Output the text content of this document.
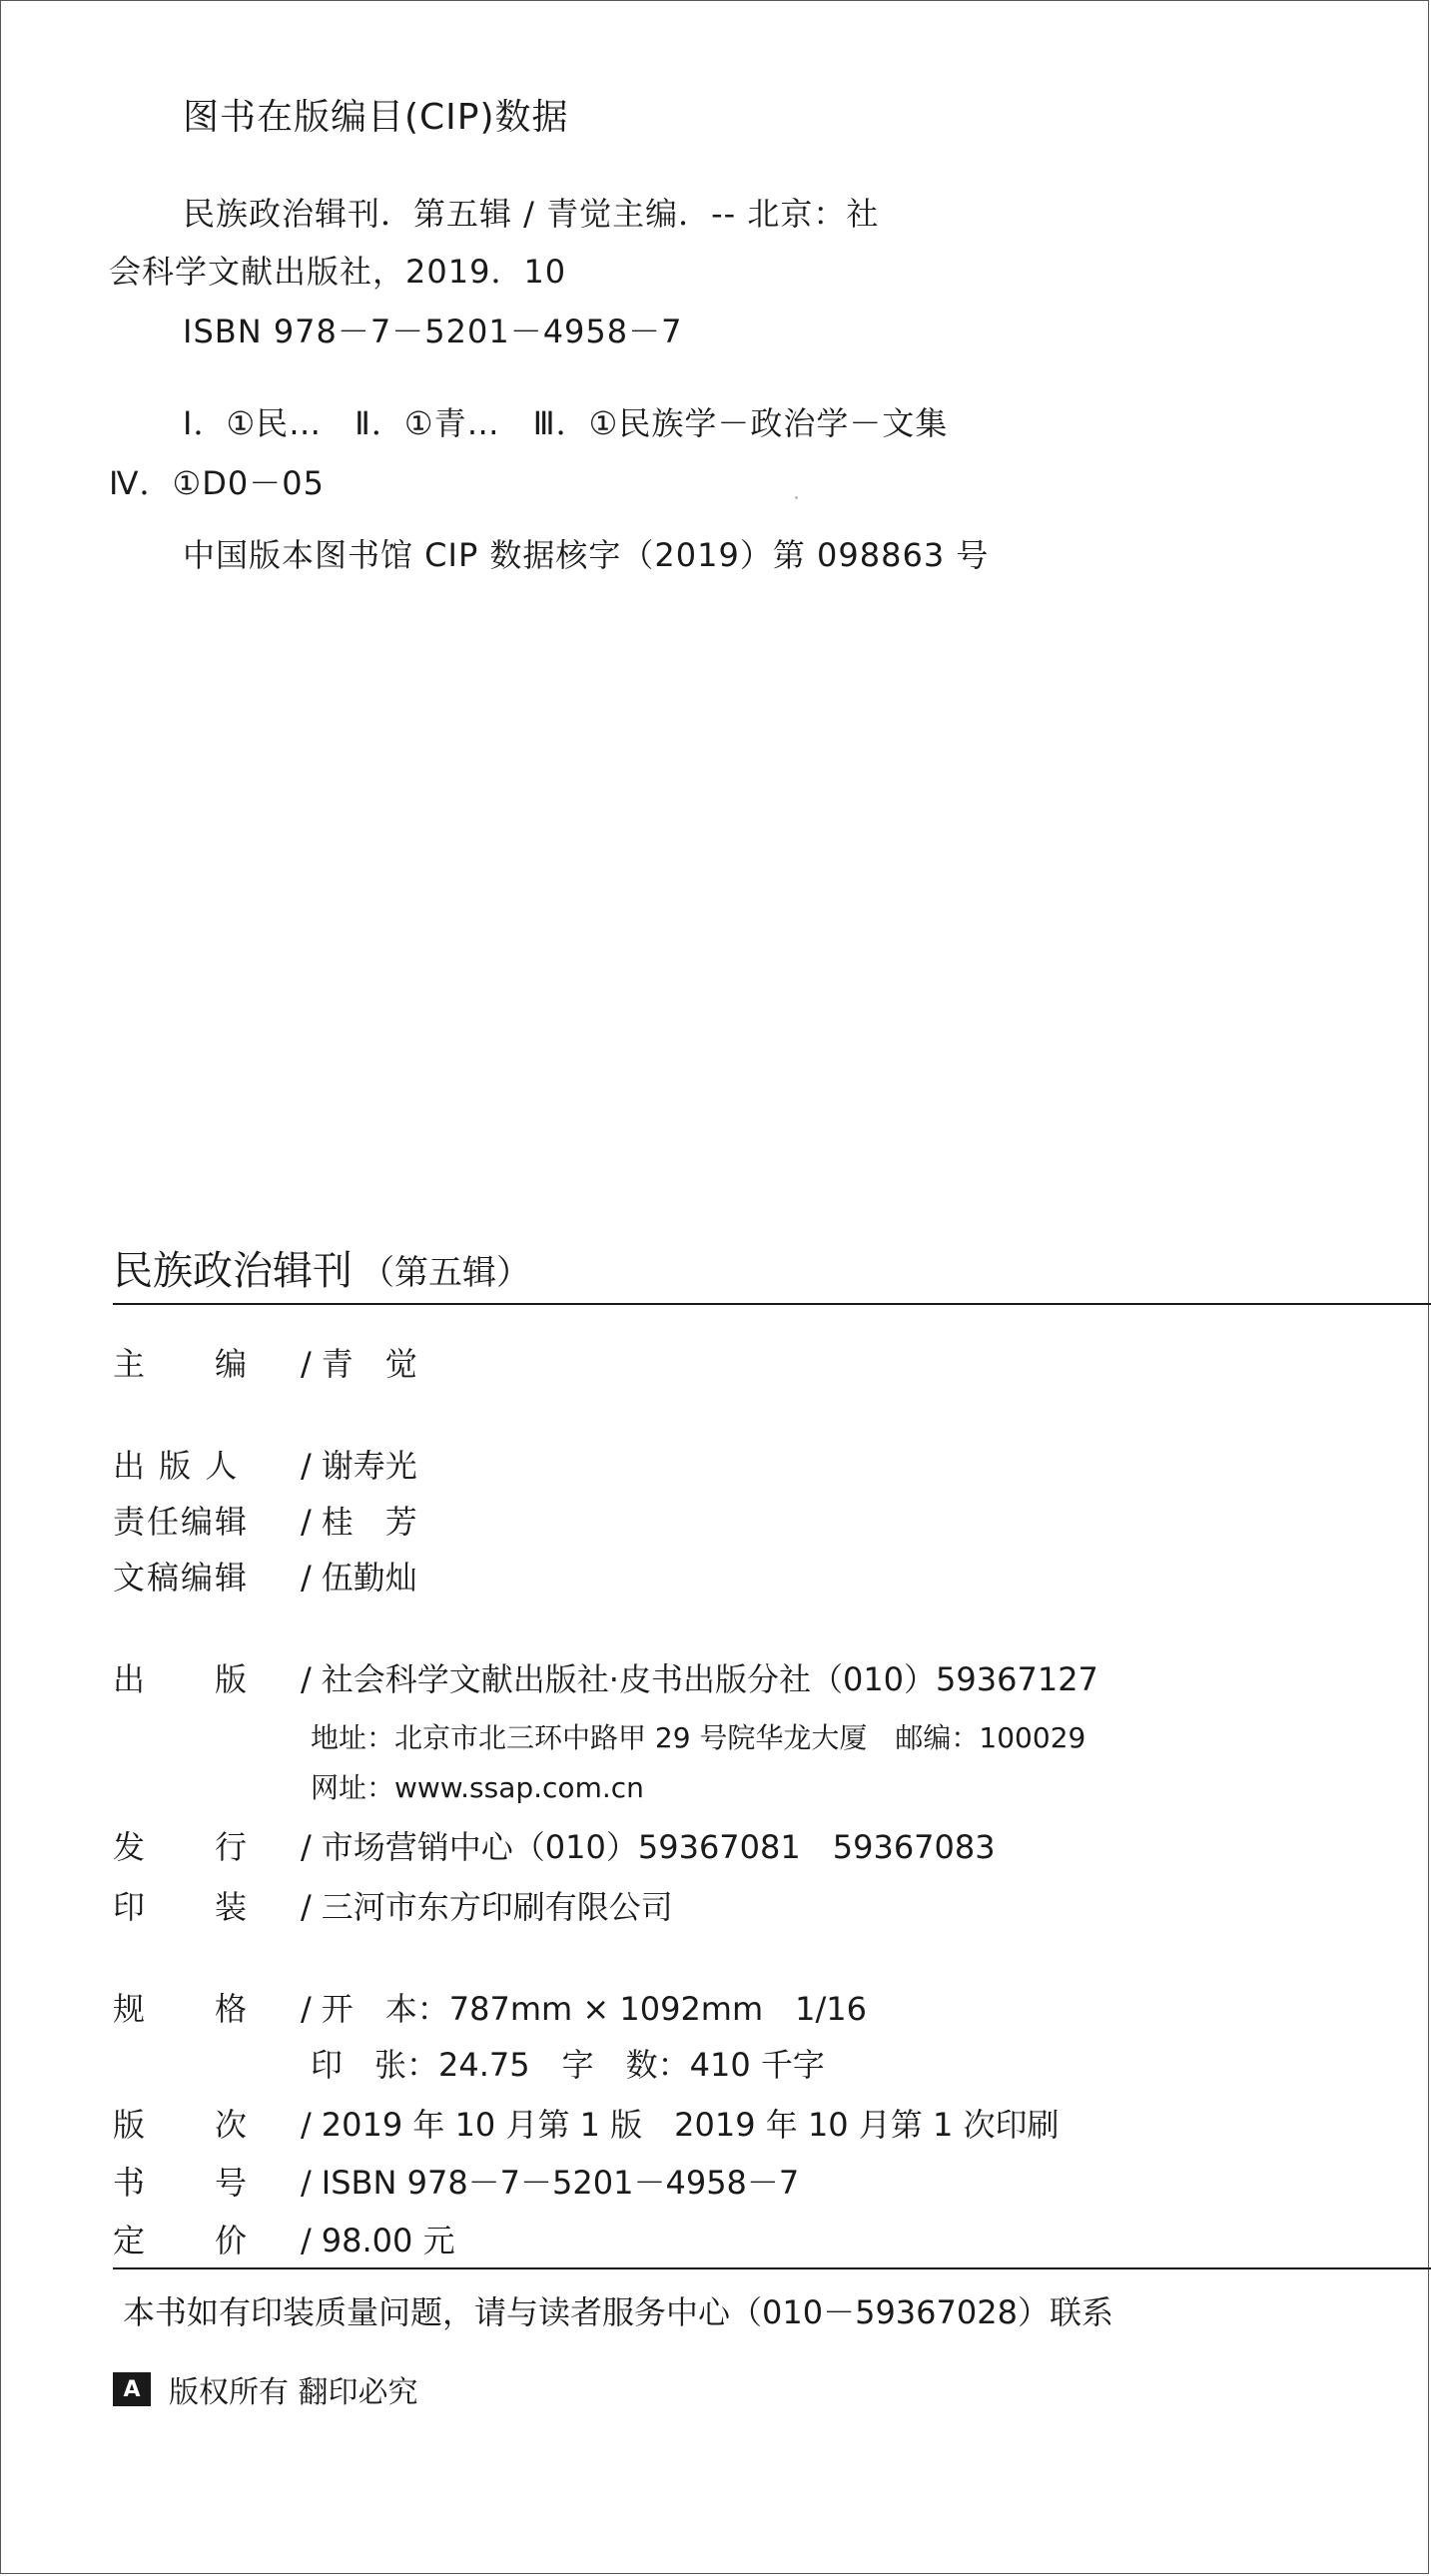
图书在版编目(CIP)数据
民族政治辑刊．第五辑 / 青觉主编．-- 北京：社
会科学文献出版社，2019．10
ISBN 978－7－5201－4958－7
Ⅰ．①民…　Ⅱ．①青…　Ⅲ．①民族学－政治学－文集
Ⅳ．①D0－05
中国版本图书馆 CIP 数据核字（2019）第 098863 号
民族政治辑刊 （第五辑）
主　　编 / 青　觉
出 版 人 / 谢寿光
责任编辑 / 桂　芳
文稿编辑 / 伍勤灿
出　　版 / 社会科学文献出版社·皮书出版分社（010）59367127
地址：北京市北三环中路甲 29 号院华龙大厦　邮编：100029
网址：www.ssap.com.cn
发　　行 / 市场营销中心（010）59367081　59367083
印　　装 / 三河市东方印刷有限公司
规　　格 / 开　本：787mm × 1092mm　1/16
印　张：24.75　字　数：410 千字
版　　次 / 2019 年 10 月第 1 版　2019 年 10 月第 1 次印刷
书　　号 / ISBN 978－7－5201－4958－7
定　　价 / 98.00 元
本书如有印装质量问题，请与读者服务中心（010－59367028）联系
A 版权所有 翻印必究
